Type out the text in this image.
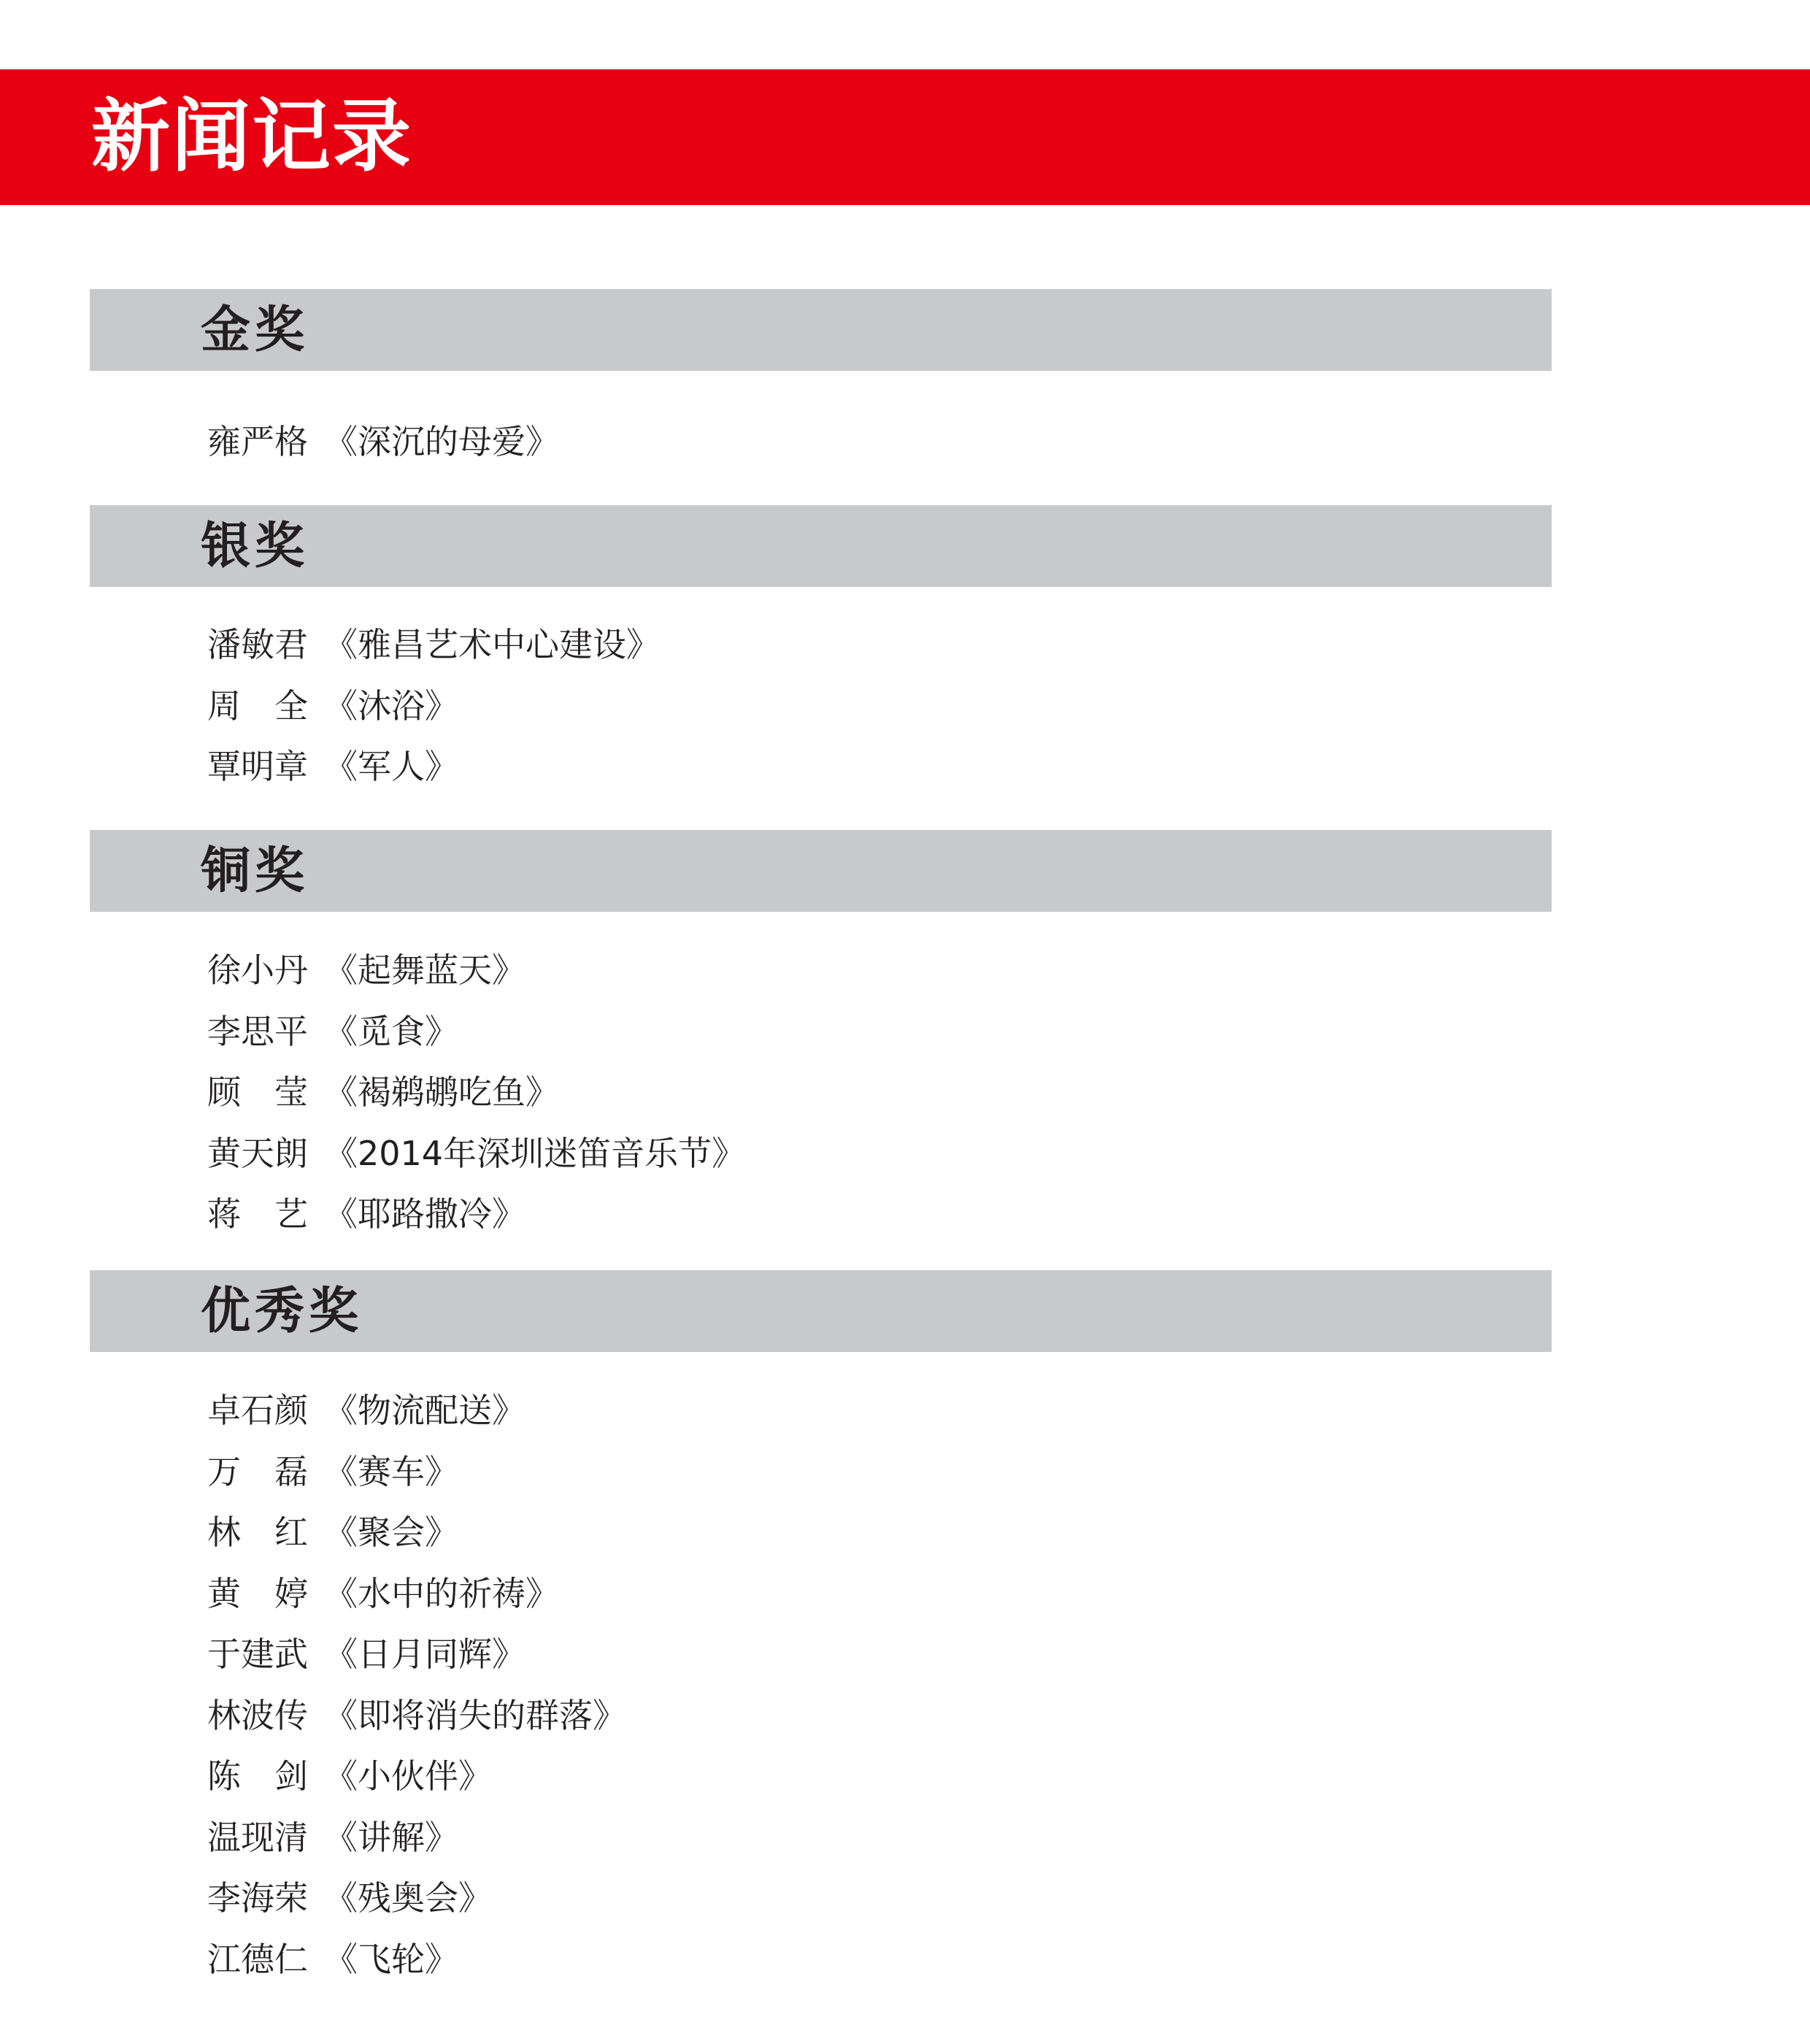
新闻记录
金奖
雍严格 《深沉的母爱》
银奖
潘敏君 《雅昌艺术中心建设》
周　全 《沐浴》
覃明章 《军人》
铜奖
徐小丹 《起舞蓝天》
李思平 《觅食》
顾　莹 《褐鹈鹕吃鱼》
黄天朗 《2014年深圳迷笛音乐节》
蒋　艺 《耶路撒冷》
优秀奖
卓石颜 《物流配送》
万　磊 《赛车》
林　红 《聚会》
黄　婷 《水中的祈祷》
于建武 《日月同辉》
林波传 《即将消失的群落》
陈　剑 《小伙伴》
温现清 《讲解》
李海荣 《残奥会》
江德仁 《飞轮》
